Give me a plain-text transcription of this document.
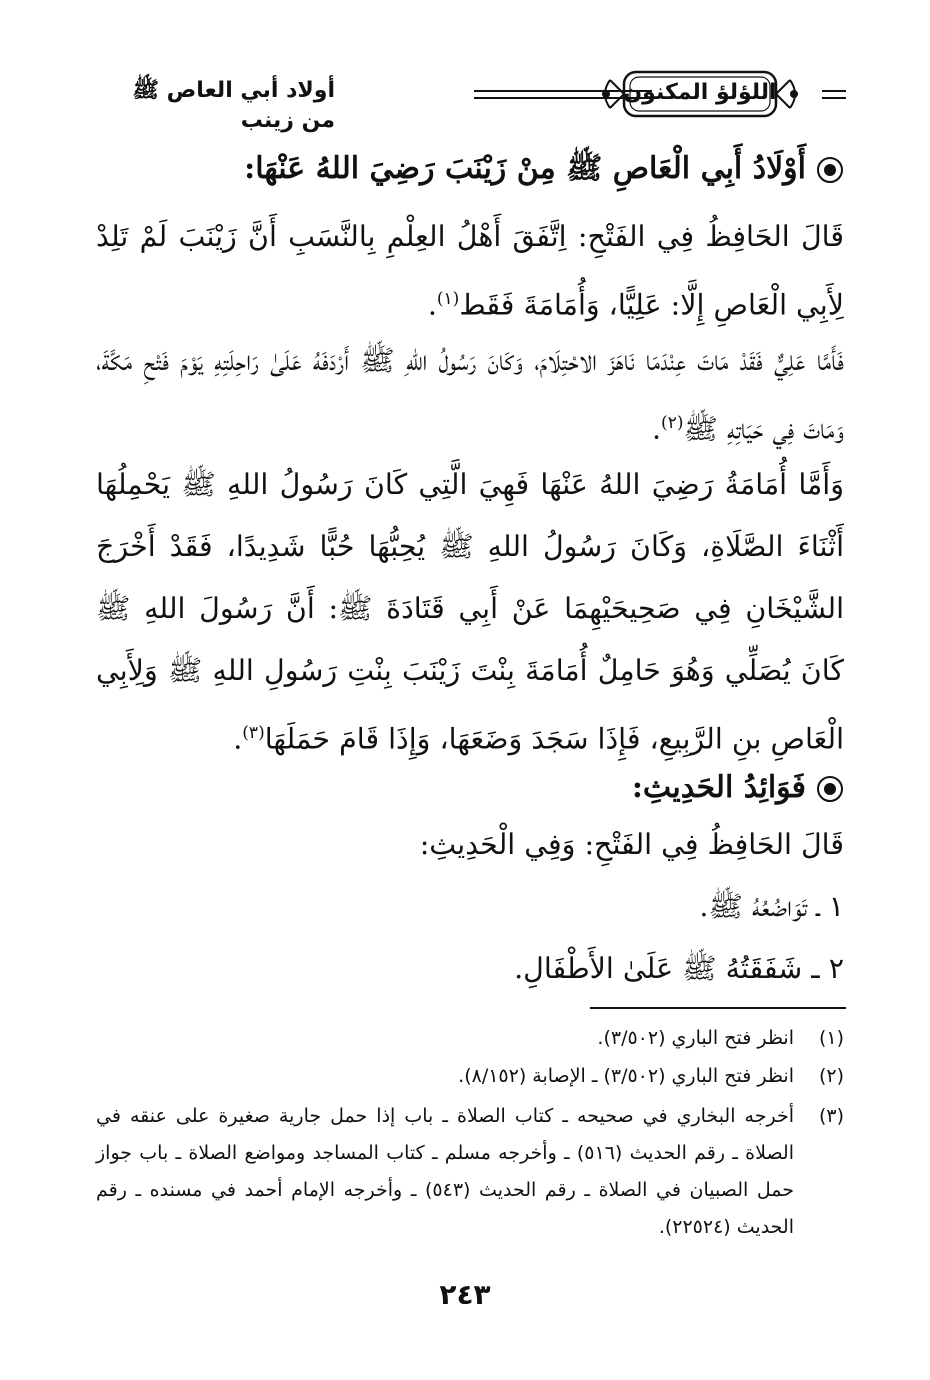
أولاد أبي العاص ﷺ من زينب
اللؤلؤ المكنون
أَوْلَادُ أَبِي الْعَاصِ ﷺ مِنْ زَيْنَبَ رَضِيَ اللهُ عَنْهَا:
قَالَ الحَافِظُ فِي الفَتْحِ: اِتَّفَقَ أَهْلُ العِلْمِ بِالنَّسَبِ أَنَّ زَيْنَبَ لَمْ تَلِدْ لِأَبِي الْعَاصِ إِلَّا: عَلِيًّا، وَأُمَامَةَ فَقَط$^{(١)}$.
فَأَمَّا عَلِيٌّ فَقَدْ مَاتَ عِنْدَمَا نَاهَزَ الاحْتِلَامَ، وَكَانَ رَسُولُ اللهِ ﷺ أَرْدَفَهُ عَلَىٰ رَاحِلَتِهِ يَوْمَ فَتْحِ مَكَّةَ، وَمَاتَ فِي حَيَاتِهِ ﷺ$^{(٢)}$.
وَأَمَّا أُمَامَةُ رَضِيَ اللهُ عَنْهَا فَهِيَ الَّتِي كَانَ رَسُولُ اللهِ ﷺ يَحْمِلُهَا أَثْنَاءَ الصَّلَاةِ، وَكَانَ رَسُولُ اللهِ ﷺ يُحِبُّهَا حُبًّا شَدِيدًا، فَقَدْ أَخْرَجَ الشَّيْخَانِ فِي صَحِيحَيْهِمَا عَنْ أَبِي قَتَادَةَ ﷺ: أَنَّ رَسُولَ اللهِ ﷺ كَانَ يُصَلِّي وَهُوَ حَامِلٌ أُمَامَةَ بِنْتَ زَيْنَبَ بِنْتِ رَسُولِ اللهِ ﷺ وَلِأَبِي الْعَاصِ بنِ الرَّبِيعِ، فَإِذَا سَجَدَ وَضَعَهَا، وَإِذَا قَامَ حَمَلَهَا$^{(٣)}$.
فَوَائِدُ الحَدِيثِ:
قَالَ الحَافِظُ فِي الفَتْحِ: وَفِي الْحَدِيثِ:
١ ـ تَوَاضُعُهُ ﷺ.
٢ ـ شَفَقَتُهُ ﷺ عَلَىٰ الأَطْفَالِ.
(١)
انظر فتح الباري (٣/٥٠٢).
(٢)
انظر فتح الباري (٣/٥٠٢) ـ الإصابة (٨/١٥٢).
(٣)
أخرجه البخاري في صحيحه ـ كتاب الصلاة ـ باب إذا حمل جارية صغيرة على عنقه في الصلاة ـ رقم الحديث (٥١٦) ـ وأخرجه مسلم ـ كتاب المساجد ومواضع الصلاة ـ باب جواز حمل الصبيان في الصلاة ـ رقم الحديث (٥٤٣) ـ وأخرجه الإمام أحمد في مسنده ـ رقم الحديث (٢٢٥٢٤).
٢٤٣
